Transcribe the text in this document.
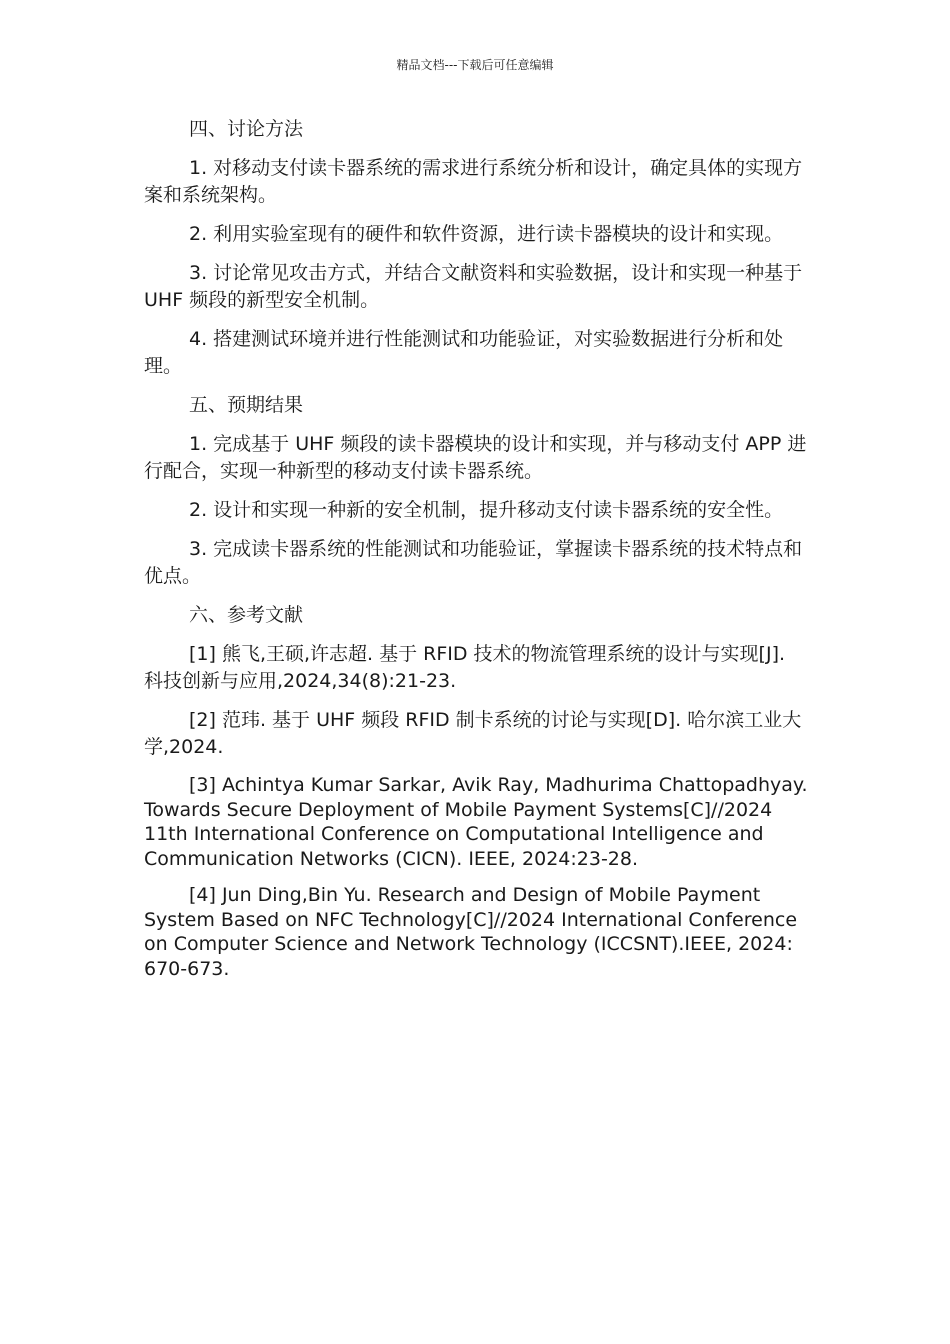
精品文档---下载后可任意编辑

四、讨论方法

1. 对移动支付读卡器系统的需求进行系统分析和设计，确定具体的实现方案和系统架构。

2. 利用实验室现有的硬件和软件资源，进行读卡器模块的设计和实现。

3. 讨论常见攻击方式，并结合文献资料和实验数据，设计和实现一种基于 UHF 频段的新型安全机制。

4. 搭建测试环境并进行性能测试和功能验证，对实验数据进行分析和处理。

五、预期结果

1. 完成基于 UHF 频段的读卡器模块的设计和实现，并与移动支付 APP 进行配合，实现一种新型的移动支付读卡器系统。

2. 设计和实现一种新的安全机制，提升移动支付读卡器系统的安全性。

3. 完成读卡器系统的性能测试和功能验证，掌握读卡器系统的技术特点和优点。

六、参考文献

[1] 熊飞,王硕,许志超. 基于 RFID 技术的物流管理系统的设计与实现[J]. 科技创新与应用,2024,34(8):21-23.

[2] 范玮. 基于 UHF 频段 RFID 制卡系统的讨论与实现[D]. 哈尔滨工业大学,2024.

[3] Achintya Kumar Sarkar, Avik Ray, Madhurima Chattopadhyay. Towards Secure Deployment of Mobile Payment Systems[C]//2024 11th International Conference on Computational Intelligence and Communication Networks (CICN). IEEE, 2024:23-28.

[4] Jun Ding,Bin Yu. Research and Design of Mobile Payment System Based on NFC Technology[C]//2024 International Conference on Computer Science and Network Technology (ICCSNT).IEEE, 2024: 670-673.
